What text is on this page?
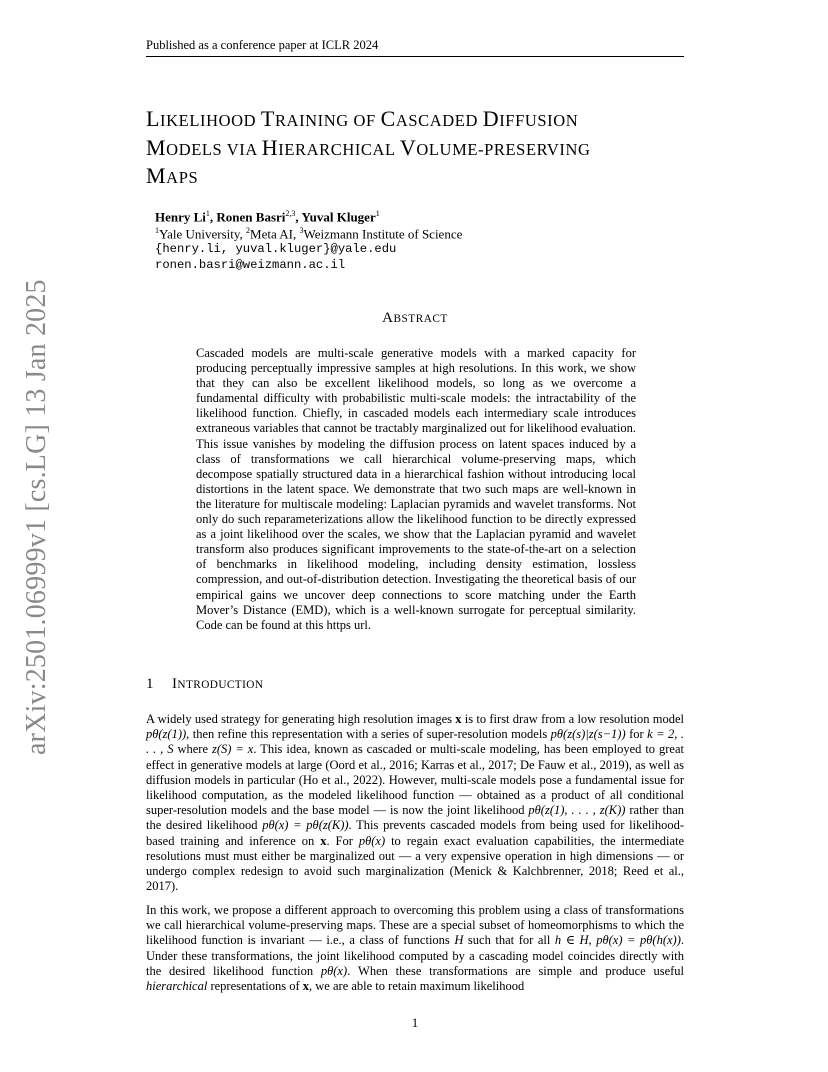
Published as a conference paper at ICLR 2024
LIKELIHOOD TRAINING OF CASCADED DIFFUSION
MODELS VIA HIERARCHICAL VOLUME-PRESERVING
MAPS
Henry Li$^1$, Ronen Basri$^{2,3}$, Yuval Kluger$^1$
$^1$Yale University, $^2$Meta AI, $^3$Weizmann Institute of Science
{henry.li, yuval.kluger}@yale.edu
ronen.basri@weizmann.ac.il
arXiv:2501.06999v1 [cs.LG] 13 Jan 2025	ABSTRACT
Cascaded models are multi-scale generative models with a marked capacity for producing perceptually impressive samples at high resolutions. In this work, we show that they can also be excellent likelihood models, so long as we overcome a fundamental difficulty with probabilistic multi-scale models: the intractability of the likelihood function. Chiefly, in cascaded models each intermediary scale introduces extraneous variables that cannot be tractably marginalized out for likelihood evaluation. This issue vanishes by modeling the diffusion process on latent spaces induced by a class of transformations we call hierarchical volume-preserving maps, which decompose spatially structured data in a hierarchical fashion without introducing local distortions in the latent space. We demonstrate that two such maps are well-known in the literature for multiscale modeling: Laplacian pyramids and wavelet transforms. Not only do such reparameterizations allow the likelihood function to be directly expressed as a joint likelihood over the scales, we show that the Laplacian pyramid and wavelet transform also produces significant improvements to the state-of-the-art on a selection of benchmarks in likelihood modeling, including density estimation, lossless compression, and out-of-distribution detection. Investigating the theoretical basis of our empirical gains we uncover deep connections to score matching under the Earth Mover’s Distance (EMD), which is a well-known surrogate for perceptual similarity. Code can be found at this https url.
1 INTRODUCTION
A widely used strategy for generating high resolution images x is to first draw from a low resolution model pθ(z(1)), then refine this representation with a series of super-resolution models pθ(z(s)|z(s−1)) for k = 2, . . . , S where z(S) = x. This idea, known as cascaded or multi-scale modeling, has been employed to great effect in generative models at large (Oord et al., 2016; Karras et al., 2017; De Fauw et al., 2019), as well as diffusion models in particular (Ho et al., 2022). However, multi-scale models pose a fundamental issue for likelihood computation, as the modeled likelihood function — obtained as a product of all conditional super-resolution models and the base model — is now the joint likelihood pθ(z(1), . . . , z(K)) rather than the desired likelihood pθ(x) = pθ(z(K)). This prevents cascaded models from being used for likelihood-based training and inference on x. For pθ(x) to regain exact evaluation capabilities, the intermediate resolutions must must either be marginalized out — a very expensive operation in high dimensions — or undergo complex redesign to avoid such marginalization (Menick & Kalchbrenner, 2018; Reed et al., 2017).
In this work, we propose a different approach to overcoming this problem using a class of transformations we call hierarchical volume-preserving maps. These are a special subset of homeomorphisms to which the likelihood function is invariant — i.e., a class of functions H such that for all h ∈ H, pθ(x) = pθ(h(x)). Under these transformations, the joint likelihood computed by a cascading model coincides directly with the desired likelihood function pθ(x). When these transformations are simple and produce useful hierarchical representations of x, we are able to retain maximum likelihood
1
